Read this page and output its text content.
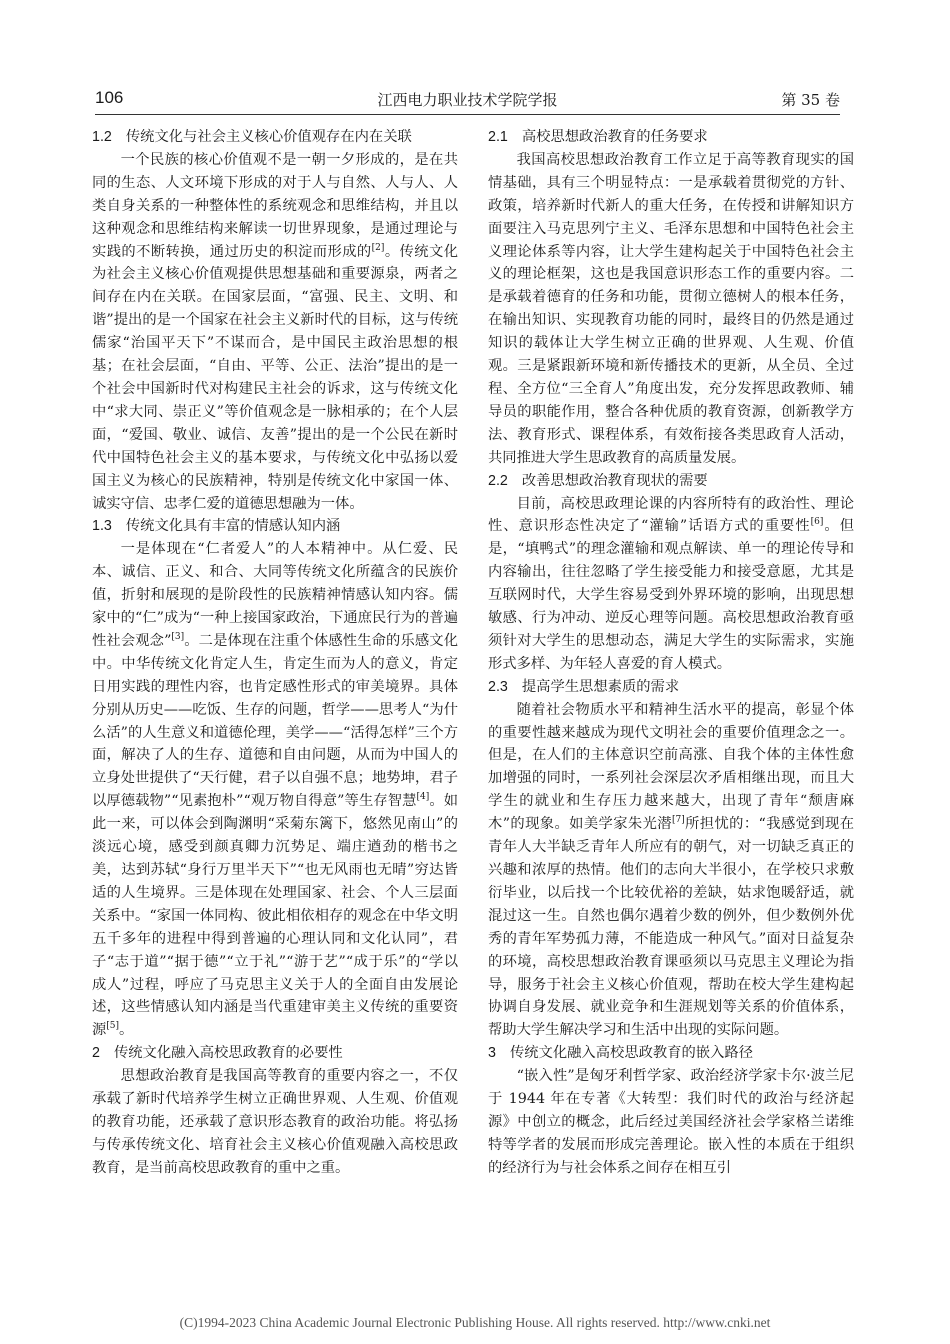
106	江西电力职业技术学院学报	第 35 卷
1.2 传统文化与社会主义核心价值观存在内在关联

一个民族的核心价值观不是一朝一夕形成的，是在共同的生态、人文环境下形成的对于人与自然、人与人、人类自身关系的一种整体性的系统观念和思维结构，并且以这种观念和思维结构来解读一切世界现象，是通过理论与实践的不断转换，通过历史的积淀而形成的[2]。传统文化为社会主义核心价值观提供思想基础和重要源泉，两者之间存在内在关联。在国家层面，“富强、民主、文明、和谐”提出的是一个国家在社会主义新时代的目标，这与传统儒家“治国平天下”不谋而合，是中国民主政治思想的根基；在社会层面，“自由、平等、公正、法治”提出的是一个社会中国新时代对构建民主社会的诉求，这与传统文化中“求大同、崇正义”等价值观念是一脉相承的；在个人层面，“爱国、敬业、诚信、友善”提出的是一个公民在新时代中国特色社会主义的基本要求，与传统文化中弘扬以爱国主义为核心的民族精神，特别是传统文化中家国一体、诚实守信、忠孝仁爱的道德思想融为一体。

1.3 传统文化具有丰富的情感认知内涵

一是体现在“仁者爱人”的人本精神中。从仁爱、民本、诚信、正义、和合、大同等传统文化所蕴含的民族价值，折射和展现的是阶段性的民族精神情感认知内容。儒家中的“仁”成为“一种上接国家政治，下通庶民行为的普遍性社会观念”[3]。二是体现在注重个体感性生命的乐感文化中。中华传统文化肯定人生，肯定生而为人的意义，肯定日用实践的理性内容，也肯定感性形式的审美境界。具体分别从历史——吃饭、生存的问题，哲学——思考人“为什么活”的人生意义和道德伦理，美学——“活得怎样”三个方面，解决了人的生存、道德和自由问题，从而为中国人的立身处世提供了“天行健，君子以自强不息；地势坤，君子以厚德载物”“见素抱朴”“观万物自得意”等生存智慧[4]。如此一来，可以体会到陶渊明“采菊东篱下，悠然见南山”的淡远心境，感受到颜真卿力沉势足、端庄遒劲的楷书之美，达到苏轼“身行万里半天下”“也无风雨也无晴”穷达皆适的人生境界。三是体现在处理国家、社会、个人三层面关系中。“家国一体同构、彼此相依相存的观念在中华文明五千多年的进程中得到普遍的心理认同和文化认同”，君子“志于道”“据于德”“立于礼”“游于艺”“成于乐”的“学以成人”过程，呼应了马克思主义关于人的全面自由发展论述，这些情感认知内涵是当代重建审美主义传统的重要资源[5]。

2 传统文化融入高校思政教育的必要性

思想政治教育是我国高等教育的重要内容之一，不仅承载了新时代培养学生树立正确世界观、人生观、价值观的教育功能，还承载了意识形态教育的政治功能。将弘扬与传承传统文化、培育社会主义核心价值观融入高校思政教育，是当前高校思政教育的重中之重。

2.1 高校思想政治教育的任务要求

我国高校思想政治教育工作立足于高等教育现实的国情基础，具有三个明显特点：一是承载着贯彻党的方针、政策，培养新时代新人的重大任务，在传授和讲解知识方面要注入马克思列宁主义、毛泽东思想和中国特色社会主义理论体系等内容，让大学生建构起关于中国特色社会主义的理论框架，这也是我国意识形态工作的重要内容。二是承载着德育的任务和功能，贯彻立德树人的根本任务，在输出知识、实现教育功能的同时，最终目的仍然是通过知识的载体让大学生树立正确的世界观、人生观、价值观。三是紧跟新环境和新传播技术的更新，从全员、全过程、全方位“三全育人”角度出发，充分发挥思政教师、辅导员的职能作用，整合各种优质的教育资源，创新教学方法、教育形式、课程体系，有效衔接各类思政育人活动，共同推进大学生思政教育的高质量发展。

2.2 改善思想政治教育现状的需要

目前，高校思政理论课的内容所特有的政治性、理论性、意识形态性决定了“灌输”话语方式的重要性[6]。但是，“填鸭式”的理念灌输和观点解读、单一的理论传导和内容输出，往往忽略了学生接受能力和接受意愿，尤其是互联网时代，大学生容易受到外界环境的影响，出现思想敏感、行为冲动、逆反心理等问题。高校思想政治教育亟须针对大学生的思想动态，满足大学生的实际需求，实施形式多样、为年轻人喜爱的育人模式。

2.3 提高学生思想素质的需求

随着社会物质水平和精神生活水平的提高，彰显个体的重要性越来越成为现代文明社会的重要价值理念之一。但是，在人们的主体意识空前高涨、自我个体的主体性愈加增强的同时，一系列社会深层次矛盾相继出现，而且大学生的就业和生存压力越来越大，出现了青年“颓唐麻木”的现象。如美学家朱光潜[7]所担忧的：“我感觉到现在青年人大半缺乏青年人所应有的朝气，对一切缺乏真正的兴趣和浓厚的热情。他们的志向大半很小，在学校只求敷衍毕业，以后找一个比较优裕的差缺，姑求饱暖舒适，就混过这一生。自然也偶尔遇着少数的例外，但少数例外优秀的青年军势孤力薄，不能造成一种风气。”面对日益复杂的环境，高校思想政治教育课亟须以马克思主义理论为指导，服务于社会主义核心价值观，帮助在校大学生建构起协调自身发展、就业竞争和生涯规划等关系的价值体系，帮助大学生解决学习和生活中出现的实际问题。

3 传统文化融入高校思政教育的嵌入路径

“嵌入性”是匈牙利哲学家、政治经济学家卡尔·波兰尼于 1944 年在专著《大转型：我们时代的政治与经济起源》中创立的概念，此后经过美国经济社会学家格兰诺维特等学者的发展而形成完善理论。嵌入性的本质在于组织的经济行为与社会体系之间存在相互引

(C)1994-2023 China Academic Journal Electronic Publishing House. All rights reserved. http://www.cnki.net
